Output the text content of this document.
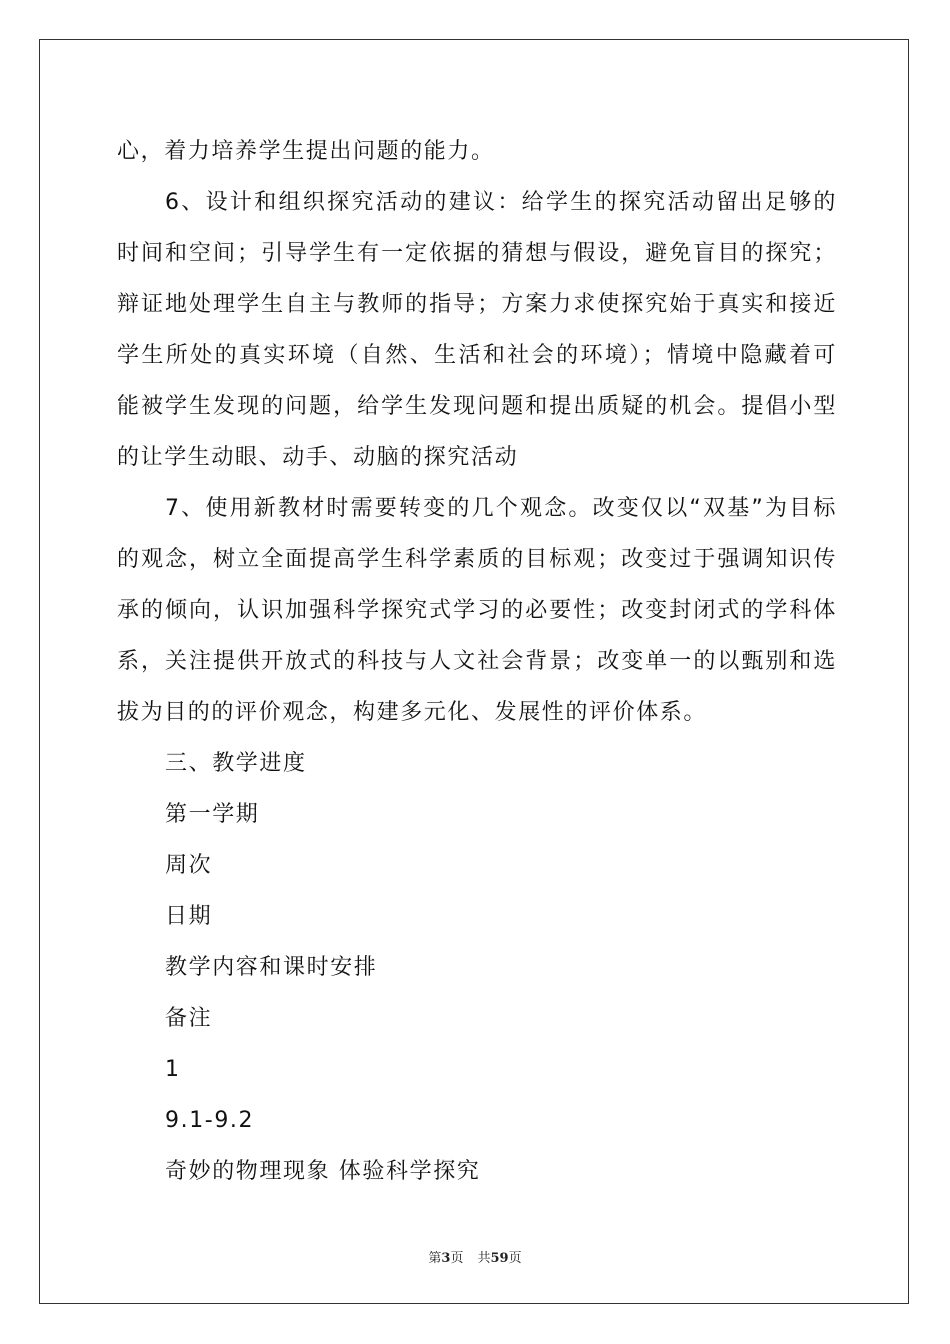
心，着力培养学生提出问题的能力。

6、设计和组织探究活动的建议：给学生的探究活动留出足够的时间和空间；引导学生有一定依据的猜想与假设，避免盲目的探究；辩证地处理学生自主与教师的指导；方案力求使探究始于真实和接近学生所处的真实环境（自然、生活和社会的环境）；情境中隐藏着可能被学生发现的问题，给学生发现问题和提出质疑的机会。提倡小型的让学生动眼、动手、动脑的探究活动

7、使用新教材时需要转变的几个观念。改变仅以“双基”为目标的观念，树立全面提高学生科学素质的目标观；改变过于强调知识传承的倾向，认识加强科学探究式学习的必要性；改变封闭式的学科体系，关注提供开放式的科技与人文社会背景；改变单一的以甄别和选拔为目的的评价观念，构建多元化、发展性的评价体系。

三、教学进度

第一学期

周次

日期

教学内容和课时安排

备注

1

9.1-9.2

奇妙的物理现象 体验科学探究

第3页 共59页
